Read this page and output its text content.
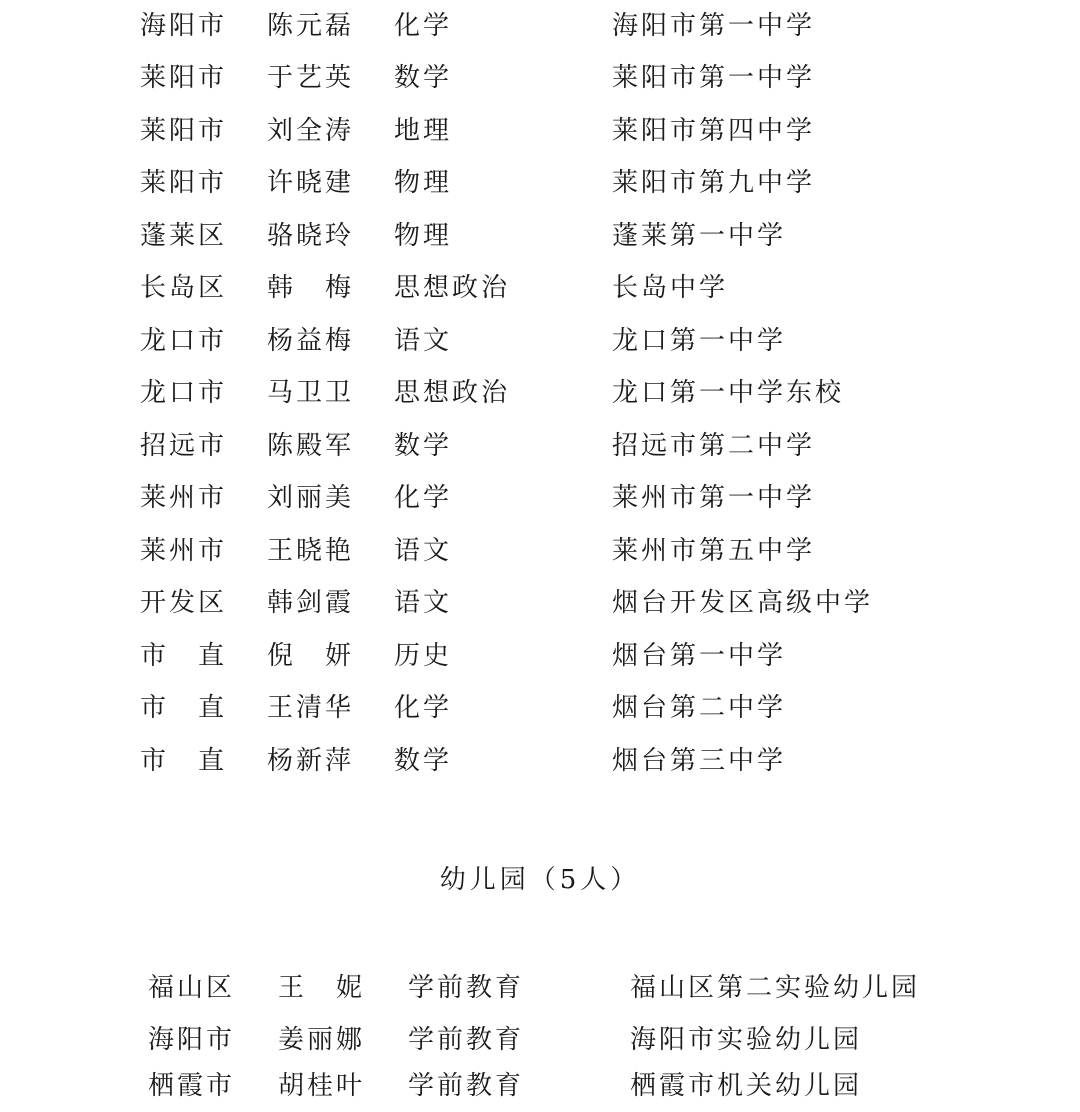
海阳市 陈元磊 化学	海阳市第一中学
莱阳市 于艺英 数学	莱阳市第一中学
莱阳市 刘全涛 地理	莱阳市第四中学
莱阳市 许晓建 物理	莱阳市第九中学
蓬莱区 骆晓玲 物理	蓬莱第一中学
长岛区 韩　梅 思想政治	长岛中学
龙口市 杨益梅 语文	龙口第一中学
龙口市 马卫卫 思想政治	龙口第一中学东校
招远市 陈殿军 数学	招远市第二中学
莱州市 刘丽美 化学	莱州市第一中学
莱州市 王晓艳 语文	莱州市第五中学
开发区 韩剑霞 语文	烟台开发区高级中学
市　直 倪　妍 历史	烟台第一中学
市　直 王清华 化学	烟台第二中学
市　直 杨新萍 数学	烟台第三中学
幼儿园（5人）
福山区 王　妮 学前教育	福山区第二实验幼儿园
海阳市 姜丽娜 学前教育	海阳市实验幼儿园
栖霞市 胡桂叶 学前教育	栖霞市机关幼儿园
